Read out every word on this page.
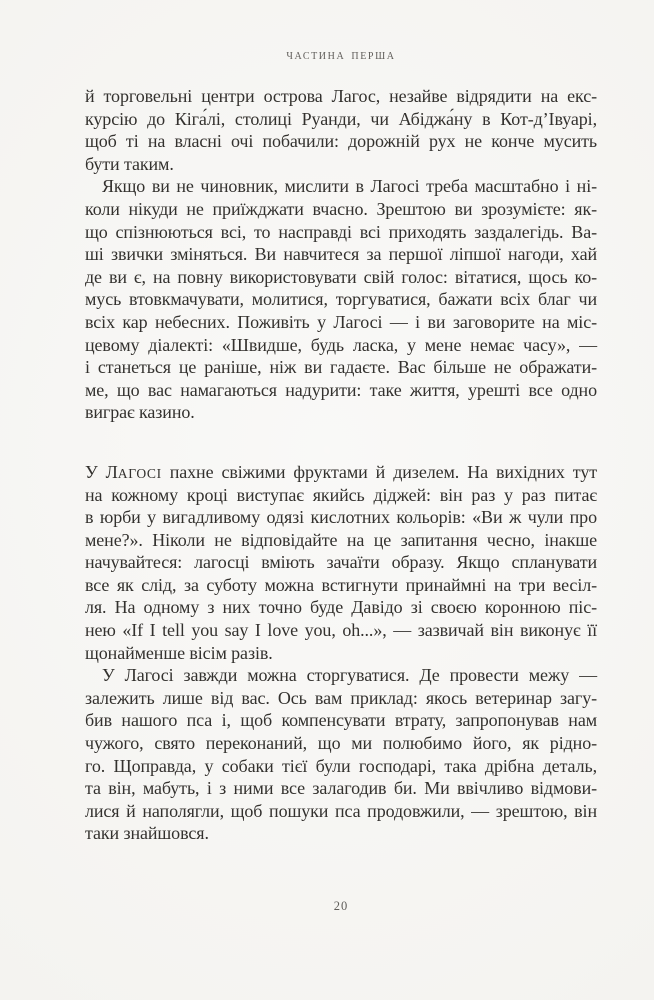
ЧАСТИНА ПЕРША
й торговельні центри острова Лагос, незайве відрядити на екс-
курсію до Кіга́лі, столиці Руанди, чи Абіджа́ну в Кот-д’Івуарі,
щоб ті на власні очі побачили: дорожній рух не конче мусить
бути таким.
Якщо ви не чиновник, мислити в Лагосі треба масштабно і ні-
коли нікуди не приїжджати вчасно. Зрештою ви зрозумієте: як-
що спізнюються всі, то насправді всі приходять заздалегідь. Ва-
ші звички зміняться. Ви навчитеся за першої ліпшої нагоди, хай
де ви є, на повну використовувати свій голос: вітатися, щось ко-
мусь втовкмачувати, молитися, торгуватися, бажати всіх благ чи
всіх кар небесних. Поживіть у Лагосі — і ви заговорите на міс-
цевому діалекті: «Швидше, будь ласка, у мене немає часу», —
і станеться це раніше, ніж ви гадаєте. Вас більше не ображати-
ме, що вас намагаються надурити: таке життя, урешті все одно
виграє казино.
У ЛАГОСІ пахне свіжими фруктами й дизелем. На вихідних тут
на кожному кроці виступає якийсь діджей: він раз у раз питає
в юрби у вигадливому одязі кислотних кольорів: «Ви ж чули про
мене?». Ніколи не відповідайте на це запитання чесно, інакше
начувайтеся: лагосці вміють зачаїти образу. Якщо спланувати
все як слід, за суботу можна встигнути принаймні на три весіл-
ля. На одному з них точно буде Давідо зі своєю коронною піс-
нею «If I tell you say I love you, oh...», — зазвичай він виконує її
щонайменше вісім разів.
У Лагосі завжди можна сторгуватися. Де провести межу —
залежить лише від вас. Ось вам приклад: якось ветеринар загу-
бив нашого пса і, щоб компенсувати втрату, запропонував нам
чужого, свято переконаний, що ми полюбимо його, як рідно-
го. Щоправда, у собаки тієї були господарі, така дрібна деталь,
та він, мабуть, і з ними все залагодив би. Ми ввічливо відмови-
лися й наполягли, щоб пошуки пса продовжили, — зрештою, він
таки знайшовся.
20
